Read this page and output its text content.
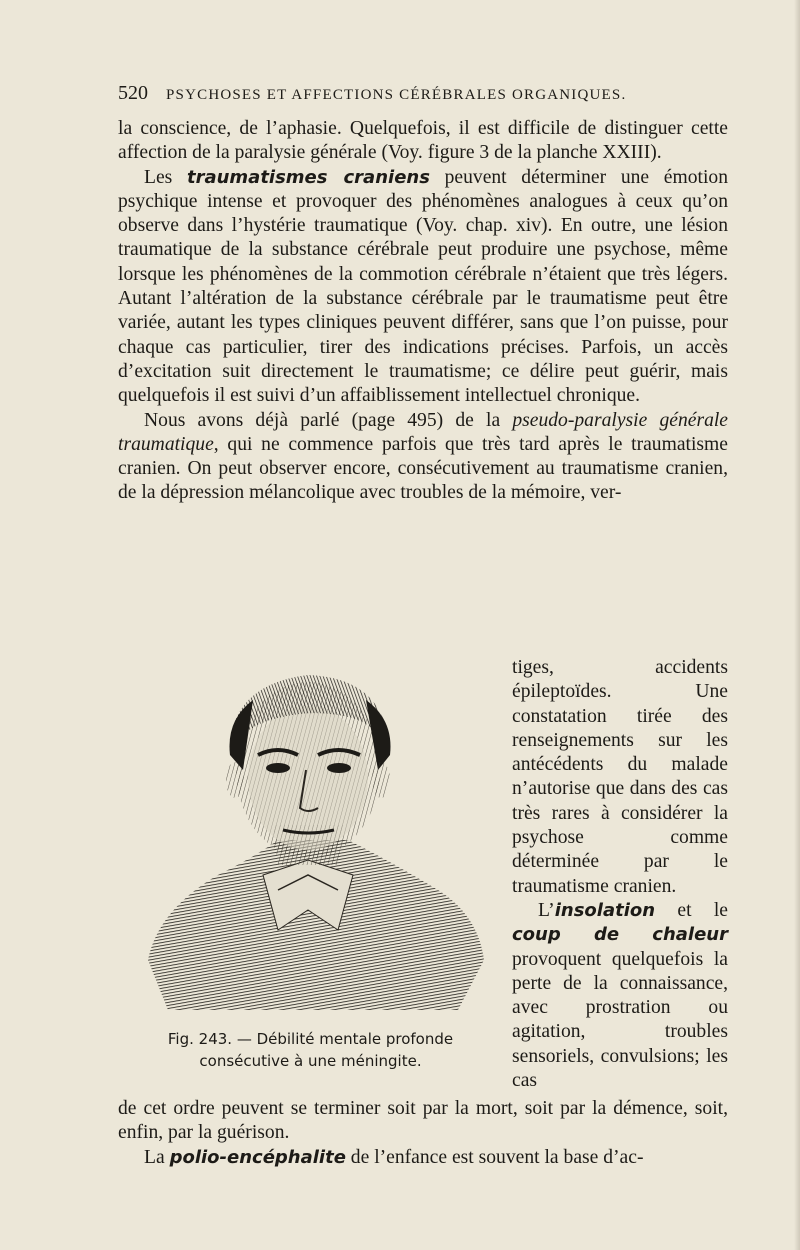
520 PSYCHOSES ET AFFECTIONS CÉRÉBRALES ORGANIQUES.

la conscience, de l’aphasie. Quelquefois, il est difficile de distinguer cette affection de la paralysie générale (Voy. figure 3 de la planche XXIII).

Les traumatismes craniens peuvent déterminer une émotion psychique intense et provoquer des phénomènes analogues à ceux qu’on observe dans l’hystérie traumatique (Voy. chap. xiv). En outre, une lésion traumatique de la substance cérébrale peut produire une psychose, même lorsque les phénomènes de la commotion cérébrale n’étaient que très légers. Autant l’altération de la substance cérébrale par le traumatisme peut être variée, autant les types cliniques peuvent différer, sans que l’on puisse, pour chaque cas particulier, tirer des indications précises. Parfois, un accès d’excitation suit directement le traumatisme; ce délire peut guérir, mais quelquefois il est suivi d’un affaiblissement intellectuel chronique.

Nous avons déjà parlé (page 495) de la pseudo-paralysie générale traumatique, qui ne commence parfois que très tard après le traumatisme cranien. On peut observer encore, consécutivement au traumatisme cranien, de la dépression mélancolique avec troubles de la mémoire, ver-

tiges, accidents épileptoïdes. Une constatation tirée des renseignements sur les antécédents du malade n’autorise que dans des cas très rares à considérer la psychose comme déterminée par le traumatisme cranien.

L’insolation et le coup de chaleur provoquent quelquefois la perte de la connaissance, avec prostration ou agitation, troubles sensoriels, convulsions; les cas

Fig. 243. — Débilité mentale profonde
consécutive à une méningite.

de cet ordre peuvent se terminer soit par la mort, soit par la démence, soit, enfin, par la guérison.

La polio-encéphalite de l’enfance est souvent la base d’ac-
